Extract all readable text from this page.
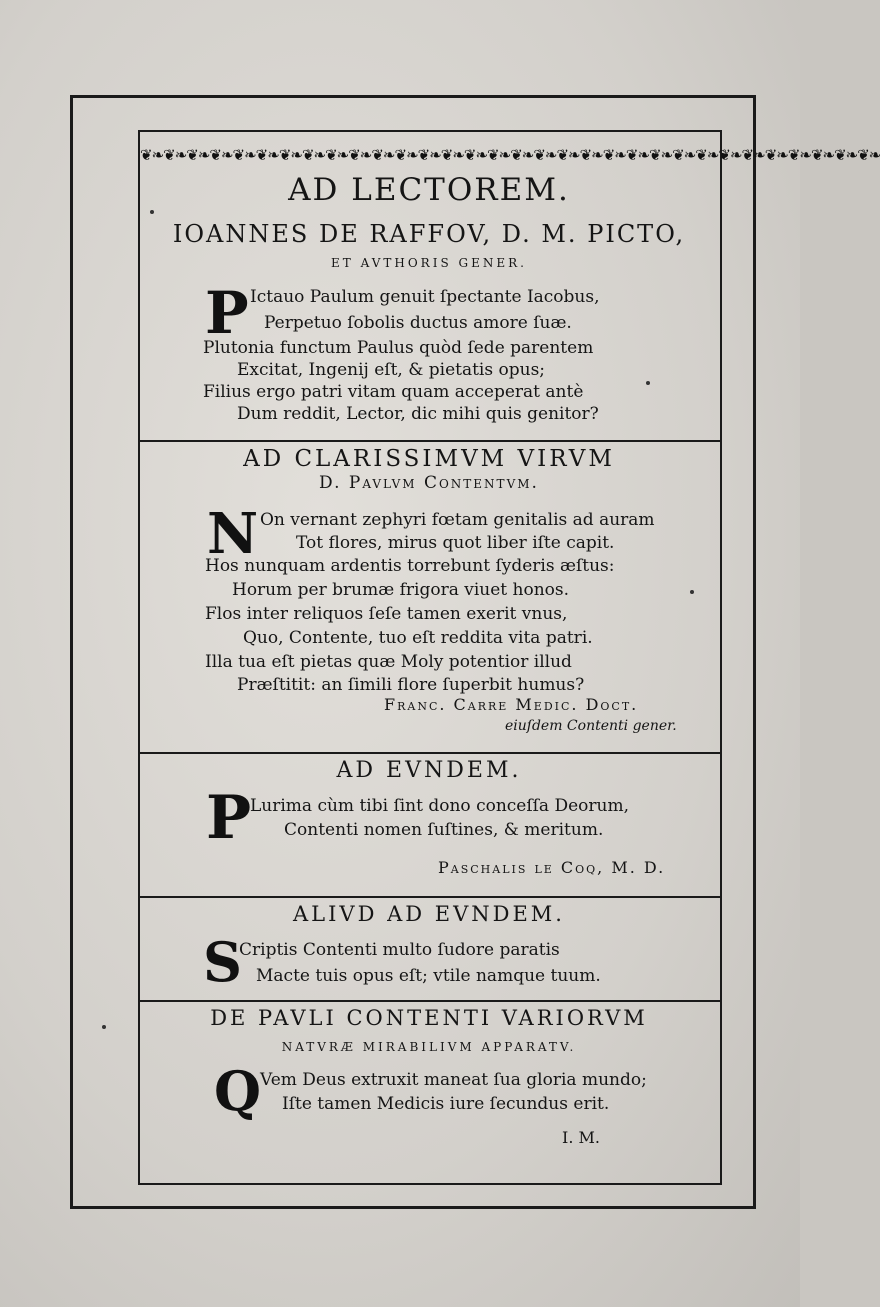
❦❧❦❧❦❧❦❧❦❧❦❧❦❧❦❧❦❧❦❧❦❧❦❧❦❧❦❧❦❧❦❧❦❧❦❧❦❧❦❧❦❧❦❧❦❧❦❧❦❧❦❧❦❧❦❧❦❧❦❧❦❧❦❧
AD LECTOREM.
IOANNES DE RAFFOV, D. M. PICTO,
ET AVTHORIS GENER.
P Ictauo Paulum genuit ſpectante Iacobus,
Perpetuo ſobolis ductus amore ſuæ.
Plutonia functum Paulus quòd ſede parentem
Excitat, Ingenij eſt, & pietatis opus;
Filius ergo patri vitam quam acceperat antè
Dum reddit, Lector, dic mihi quis genitor?
AD CLARISSIMVM VIRVM
D. Pavlvm Contentvm.
N On vernant zephyri fœtam genitalis ad auram
Tot flores, mirus quot liber iſte capit.
Hos nunquam ardentis torrebunt ſyderis æſtus:
Horum per brumæ frigora viuet honos.
Flos inter reliquos ſeſe tamen exerit vnus,
Quo, Contente, tuo eſt reddita vita patri.
Illa tua eſt pietas quæ Moly potentior illud
Præſtitit: an ſimili flore ſuperbit humus?
Franc. Carre Medic. Doct.
eiuſdem Contenti gener.
AD EVNDEM.
P
Lurima cùm tibi ſint dono conceſſa Deorum,
Contenti nomen ſuſtines, & meritum.
Paschalis le Coq, M. D.
ALIVD AD EVNDEM.
S
Criptis Contenti multo ſudore paratis
Macte tuis opus eſt; vtile namque tuum.
DE PAVLI CONTENTI VARIORVM
NATVRÆ MIRABILIVM APPARATV.
Q
Vem Deus extruxit maneat ſua gloria mundo;
Iſte tamen Medicis iure ſecundus erit.
I. M.
